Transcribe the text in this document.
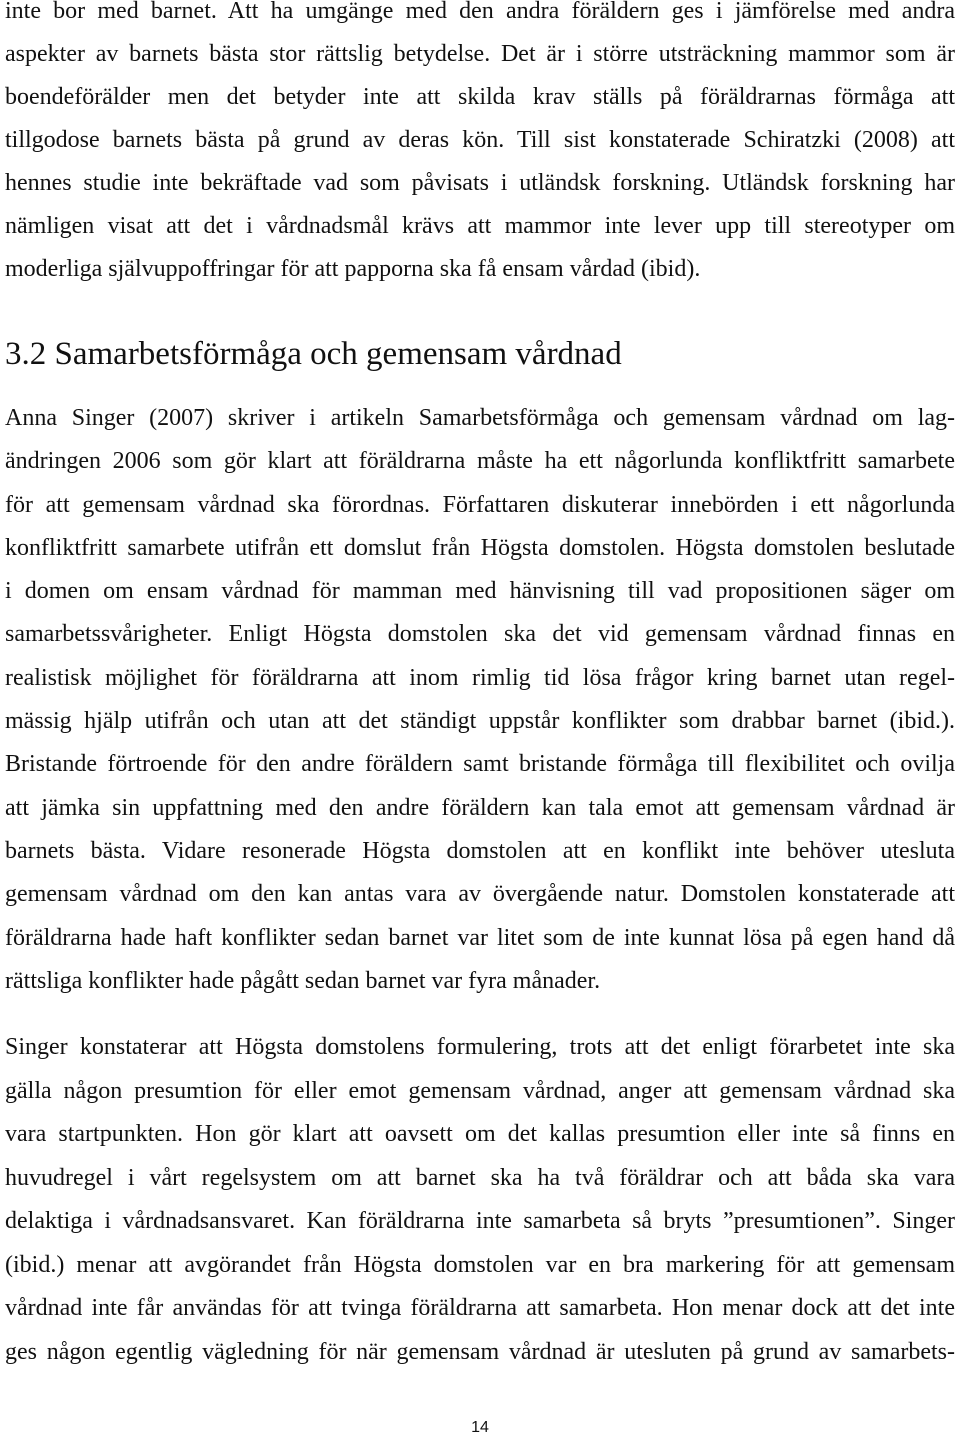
inte bor med barnet. Att ha umgänge med den andra föräldern ges i jämförelse med andra
aspekter av barnets bästa stor rättslig betydelse. Det är i större utsträckning mammor som är
boendeförälder men det betyder inte att skilda krav ställs på föräldrarnas förmåga att
tillgodose barnets bästa på grund av deras kön. Till sist konstaterade Schiratzki (2008) att
hennes studie inte bekräftade vad som påvisats i utländsk forskning. Utländsk forskning har
nämligen visat att det i vårdnadsmål krävs att mammor inte lever upp till stereotyper om
moderliga självuppoffringar för att papporna ska få ensam vårdad (ibid).
3.2 Samarbetsförmåga och gemensam vårdnad
Anna Singer (2007) skriver i artikeln Samarbetsförmåga och gemensam vårdnad om lag-
ändringen 2006 som gör klart att föräldrarna måste ha ett någorlunda konfliktfritt samarbete
för att gemensam vårdnad ska förordnas. Författaren diskuterar innebörden i ett någorlunda
konfliktfritt samarbete utifrån ett domslut från Högsta domstolen. Högsta domstolen beslutade
i domen om ensam vårdnad för mamman med hänvisning till vad propositionen säger om
samarbetssvårigheter. Enligt Högsta domstolen ska det vid gemensam vårdnad finnas en
realistisk möjlighet för föräldrarna att inom rimlig tid lösa frågor kring barnet utan regel-
mässig hjälp utifrån och utan att det ständigt uppstår konflikter som drabbar barnet (ibid.).
Bristande förtroende för den andre föräldern samt bristande förmåga till flexibilitet och ovilja
att jämka sin uppfattning med den andre föräldern kan tala emot att gemensam vårdnad är
barnets bästa. Vidare resonerade Högsta domstolen att en konflikt inte behöver utesluta
gemensam vårdnad om den kan antas vara av övergående natur. Domstolen konstaterade att
föräldrarna hade haft konflikter sedan barnet var litet som de inte kunnat lösa på egen hand då
rättsliga konflikter hade pågått sedan barnet var fyra månader.
Singer konstaterar att Högsta domstolens formulering, trots att det enligt förarbetet inte ska
gälla någon presumtion för eller emot gemensam vårdnad, anger att gemensam vårdnad ska
vara startpunkten. Hon gör klart att oavsett om det kallas presumtion eller inte så finns en
huvudregel i vårt regelsystem om att barnet ska ha två föräldrar och att båda ska vara
delaktiga i vårdnadsansvaret. Kan föräldrarna inte samarbeta så bryts ”presumtionen”. Singer
(ibid.) menar att avgörandet från Högsta domstolen var en bra markering för att gemensam
vårdnad inte får användas för att tvinga föräldrarna att samarbeta. Hon menar dock att det inte
ges någon egentlig vägledning för när gemensam vårdnad är utesluten på grund av samarbets-
14
